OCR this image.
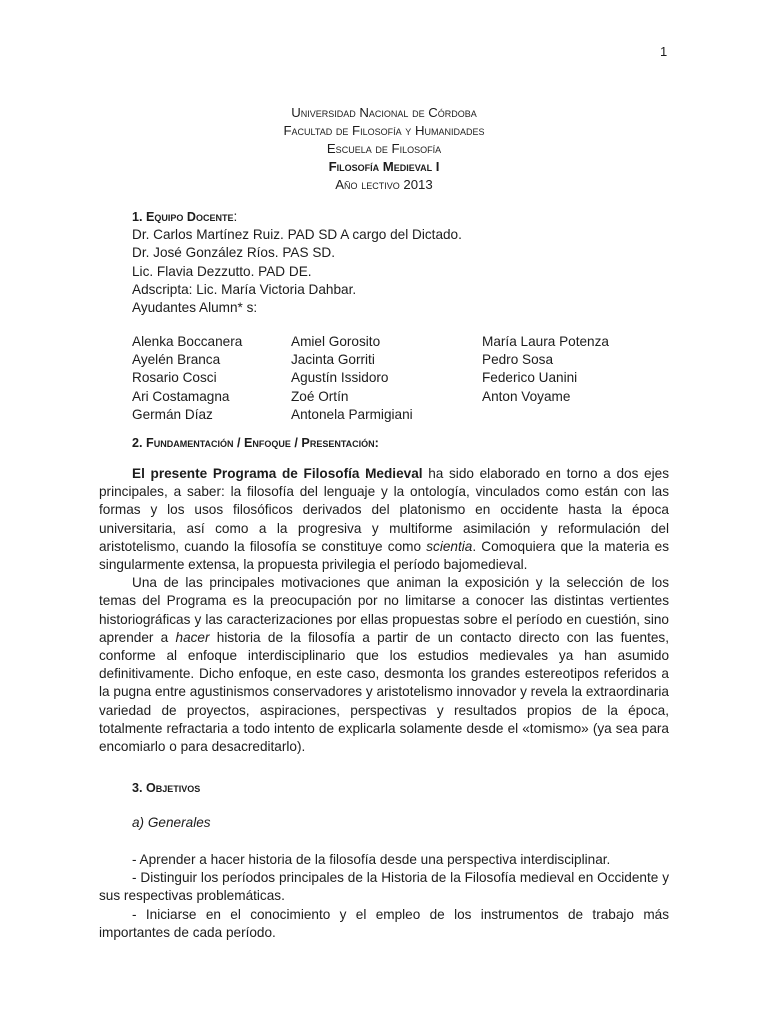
1
Universidad Nacional de Córdoba
Facultad de Filosofía y Humanidades
Escuela de Filosofía
Filosofía Medieval I
Año lectivo 2013
1. Equipo Docente:
Dr. Carlos Martínez Ruiz. PAD SD A cargo del Dictado.
Dr. José González Ríos. PAS SD.
Lic. Flavia Dezzutto. PAD DE.
Adscripta: Lic. María Victoria Dahbar.
Ayudantes Alumn* s:
Alenka Boccanera
Ayelén Branca
Rosario Cosci
Ari Costamagna
Germán Díaz
Amiel Gorosito
Jacinta Gorriti
Agustín Issidoro
Zoé Ortín
Antonela Parmigiani
María Laura Potenza
Pedro Sosa
Federico Uanini
Anton Voyame
2. Fundamentación / Enfoque / Presentación:

El presente Programa de Filosofía Medieval ha sido elaborado en torno a dos ejes principales, a saber: la filosofía del lenguaje y la ontología, vinculados como están con las formas y los usos filosóficos derivados del platonismo en occidente hasta la época universitaria, así como a la progresiva y multiforme asimilación y reformulación del aristotelismo, cuando la filosofía se constituye como scientia. Comoquiera que la materia es singularmente extensa, la propuesta privilegia el período bajomedieval.

Una de las principales motivaciones que animan la exposición y la selección de los temas del Programa es la preocupación por no limitarse a conocer las distintas vertientes historiográficas y las caracterizaciones por ellas propuestas sobre el período en cuestión, sino aprender a hacer historia de la filosofía a partir de un contacto directo con las fuentes, conforme al enfoque interdisciplinario que los estudios medievales ya han asumido definitivamente. Dicho enfoque, en este caso, desmonta los grandes estereotipos referidos a la pugna entre agustinismos conservadores y aristotelismo innovador y revela la extraordinaria variedad de proyectos, aspiraciones, perspectivas y resultados propios de la época, totalmente refractaria a todo intento de explicarla solamente desde el «tomismo» (ya sea para encomiarlo o para desacreditarlo).

3. Objetivos
a) Generales

- Aprender a hacer historia de la filosofía desde una perspectiva interdisciplinar.

- Distinguir los períodos principales de la Historia de la Filosofía medieval en Occidente y sus respectivas problemáticas.

- Iniciarse en el conocimiento y el empleo de los instrumentos de trabajo más importantes de cada período.
